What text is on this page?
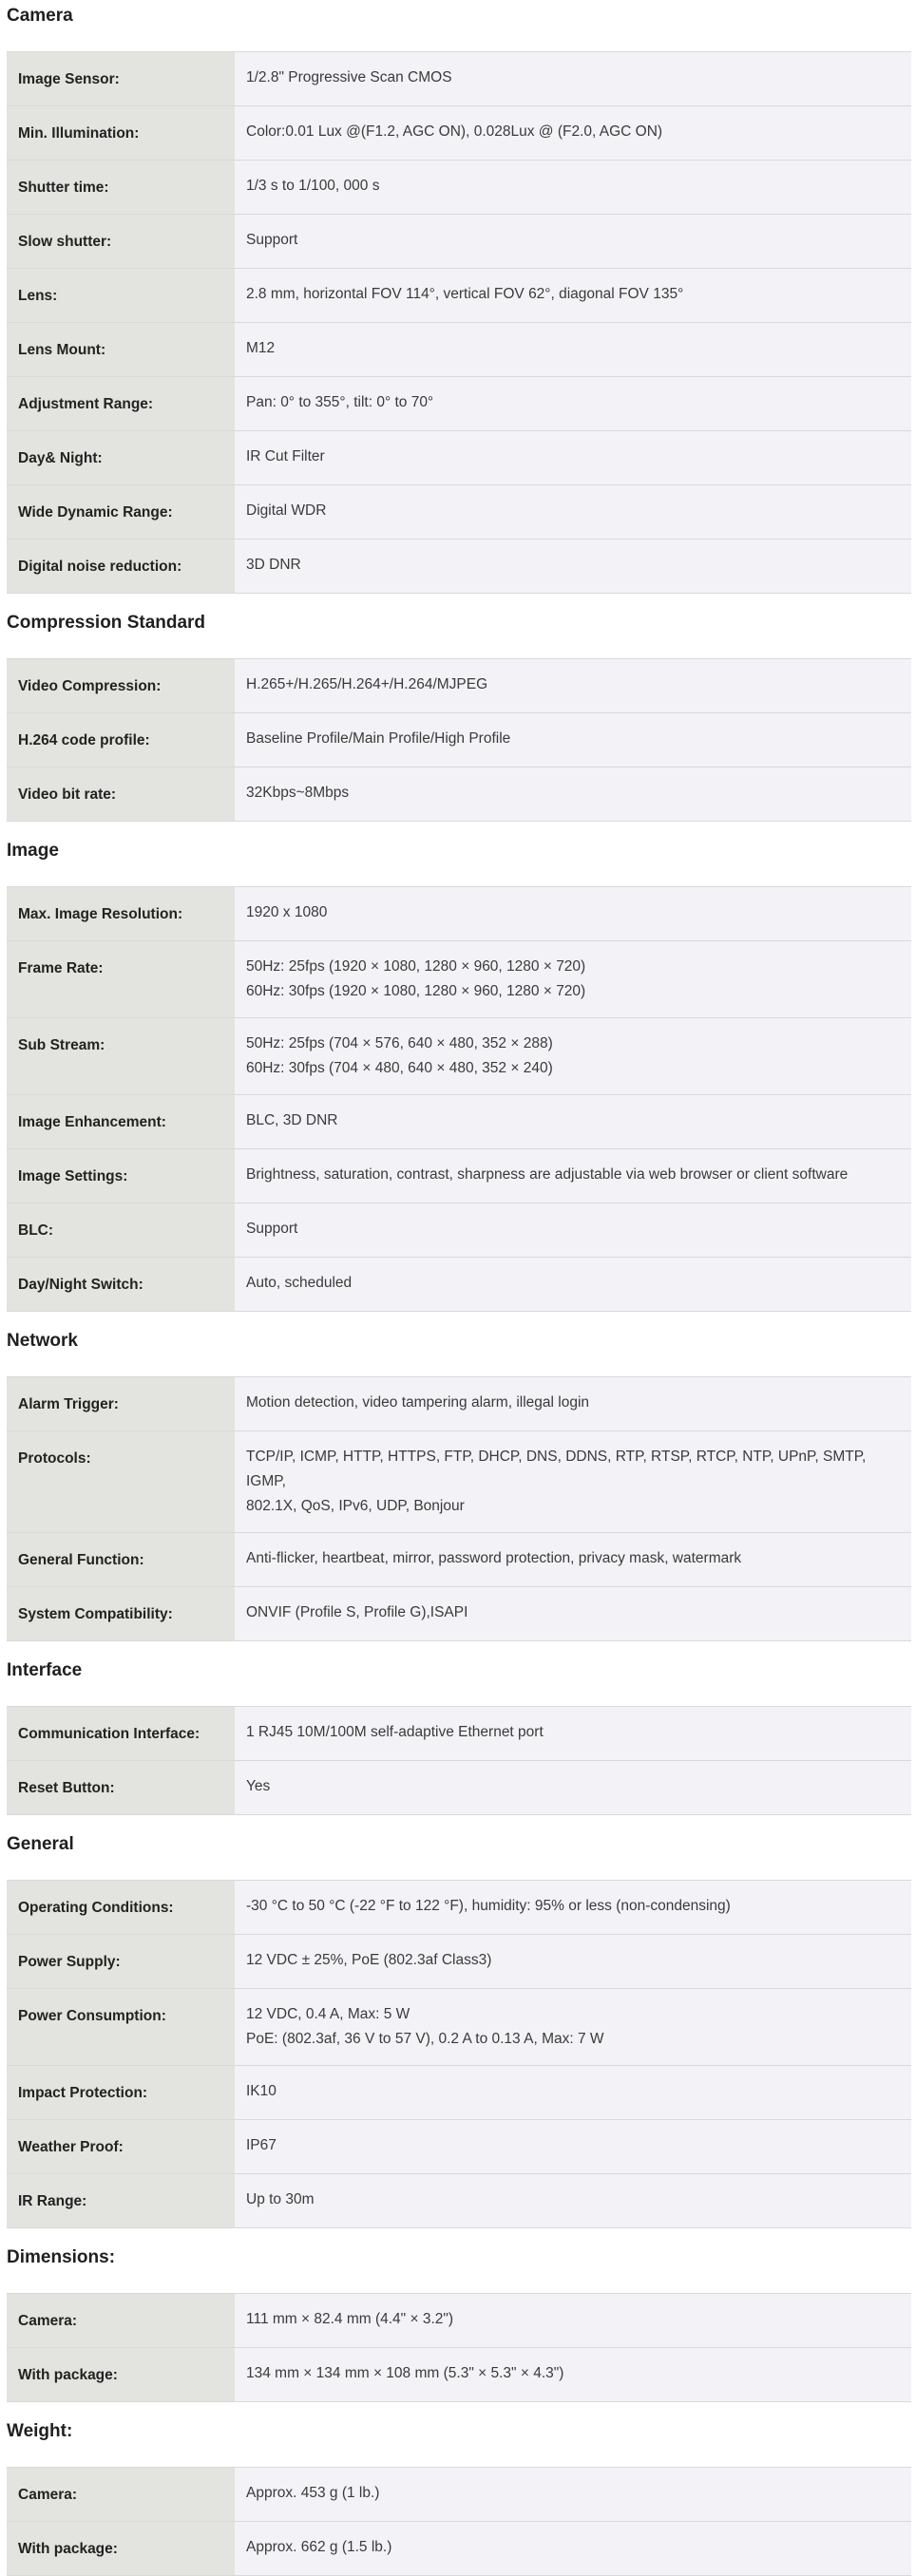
Camera
Image Sensor:	1/2.8" Progressive Scan CMOS
Min. Illumination:	Color:0.01 Lux @(F1.2, AGC ON), 0.028Lux @ (F2.0, AGC ON)
Shutter time:	1/3 s to 1/100, 000 s
Slow shutter:	Support
Lens:	2.8 mm, horizontal FOV 114°, vertical FOV 62°, diagonal FOV 135°
Lens Mount:	M12
Adjustment Range:	Pan: 0° to 355°, tilt: 0° to 70°
Day& Night:	IR Cut Filter
Wide Dynamic Range:	Digital WDR
Digital noise reduction:	3D DNR
Compression Standard
Video Compression:	H.265+/H.265/H.264+/H.264/MJPEG
H.264 code profile:	Baseline Profile/Main Profile/High Profile
Video bit rate:	32Kbps~8Mbps
Image
Max. Image Resolution:	1920 x 1080
Frame Rate:	50Hz: 25fps (1920 × 1080, 1280 × 960, 1280 × 720)
60Hz: 30fps (1920 × 1080, 1280 × 960, 1280 × 720)
Sub Stream:	50Hz: 25fps (704 × 576, 640 × 480, 352 × 288)
60Hz: 30fps (704 × 480, 640 × 480, 352 × 240)
Image Enhancement:	BLC, 3D DNR
Image Settings:	Brightness, saturation, contrast, sharpness are adjustable via web browser or client software
BLC:	Support
Day/Night Switch:	Auto, scheduled
Network
Alarm Trigger:	Motion detection, video tampering alarm, illegal login
Protocols:	TCP/IP, ICMP, HTTP, HTTPS, FTP, DHCP, DNS, DDNS, RTP, RTSP, RTCP, NTP, UPnP, SMTP, IGMP,
802.1X, QoS, IPv6, UDP, Bonjour
General Function:	Anti-flicker, heartbeat, mirror, password protection, privacy mask, watermark
System Compatibility:	ONVIF (Profile S, Profile G),ISAPI
Interface
Communication Interface:	1 RJ45 10M/100M self-adaptive Ethernet port
Reset Button:	Yes
General
Operating Conditions:	-30 °C to 50 °C (-22 °F to 122 °F), humidity: 95% or less (non-condensing)
Power Supply:	12 VDC ± 25%, PoE (802.3af Class3)
Power Consumption:	12 VDC, 0.4 A, Max: 5 W
PoE: (802.3af, 36 V to 57 V), 0.2 A to 0.13 A, Max: 7 W
Impact Protection:	IK10
Weather Proof:	IP67
IR Range:	Up to 30m
Dimensions:
Camera:	111 mm × 82.4 mm (4.4" × 3.2")
With package:	134 mm × 134 mm × 108 mm (5.3" × 5.3" × 4.3")
Weight:
Camera:	Approx. 453 g (1 lb.)
With package:	Approx. 662 g (1.5 lb.)
